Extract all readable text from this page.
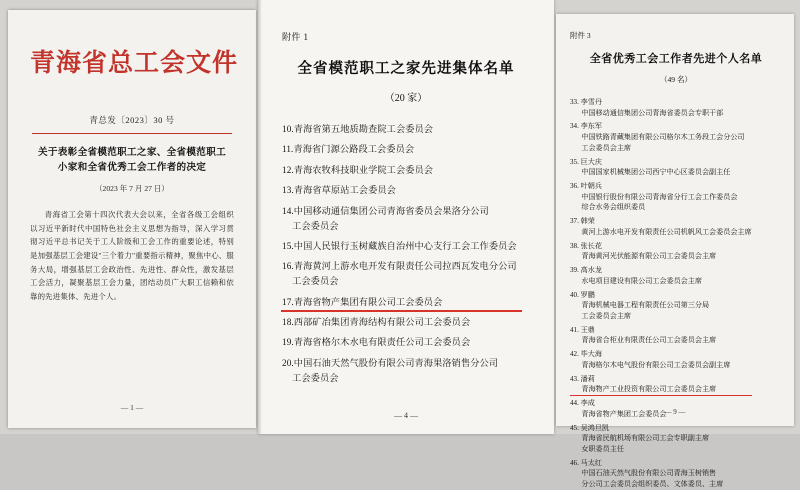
青海省总工会文件
青总发〔2023〕30 号
关于表彰全省模范职工之家、全省模范职工
小家和全省优秀工会工作者的决定
（2023 年 7 月 27 日）
青海省工会第十四次代表大会以来，全省各级工会组织以习近平新时代中国特色社会主义思想为指导，深入学习贯彻习近平总书记关于工人阶级和工会工作的重要论述，特别是加强基层工会建设"三个着力"重要指示精神，聚焦中心、服务大局，增强基层工会政治性、先进性、群众性，激发基层工会活力，凝聚基层工会力量，团结动员广大职工信赖和依靠的先进集体、先进个人。
— 1 —
附件 1
全省模范职工之家先进集体名单
（20 家）
10.青海省第五地质勘查院工会委员会
11.青海省门源公路段工会委员会
12.青海农牧科技职业学院工会委员会
13.青海省草原站工会委员会
14.中国移动通信集团公司青海省委员会果洛分公司
工会委员会
15.中国人民银行玉树藏族自治州中心支行工会工作委员会
16.青海黄河上游水电开发有限责任公司拉西瓦发电分公司
工会委员会
17.青海省物产集团有限公司工会委员会
18.西部矿冶集团青海结构有限公司工会委员会
19.青海省格尔木水电有限责任公司工会委员会
20.中国石油天然气股份有限公司青海果洛销售分公司
工会委员会
— 4 —
附件 3
全省优秀工会工作者先进个人名单
（49 名）
33. 李雪丹
中国移动通信集团公司青海省委员会专职干部
34. 李东军
中国铁路青藏集团有限公司格尔木工务段工会分公司
工会委员会主席
35. 巨大庆
中国国家机械集团公司西宁中心区委员会副主任
36. 叶朝兵
中国银行股份有限公司青海省分行工会工作委员会
综合水务会组织委员
37. 韩荣
黄河上游水电开发有限责任公司机帆风工会委员会主席
38. 张长花
青海黄河光伏能源有限公司工会委员会主席
39. 高水龙
水电项目建设有限公司工会委员会主席
40. 罗鹏
青海机械电器工程有限责任公司第三分局
工会委员会主席
41. 王鼎
青海省合柜业有限责任公司工会委员会主席
42. 毕大海
青海格尔木电气股份有限公司工会委员会副主席
43. 潘莉
青海物产工业投资有限公司工会委员会主席
44. 李成
青海省物产集团工会委员会
45. 吴鸿旦凯
青海省民航机场有限公司工会专职副主席
女职委员主任
46. 马太红
中国石油天然气股份有限公司青海玉树销售
分公司工会委员会组织委员、文体委员、主席
— 9 —
